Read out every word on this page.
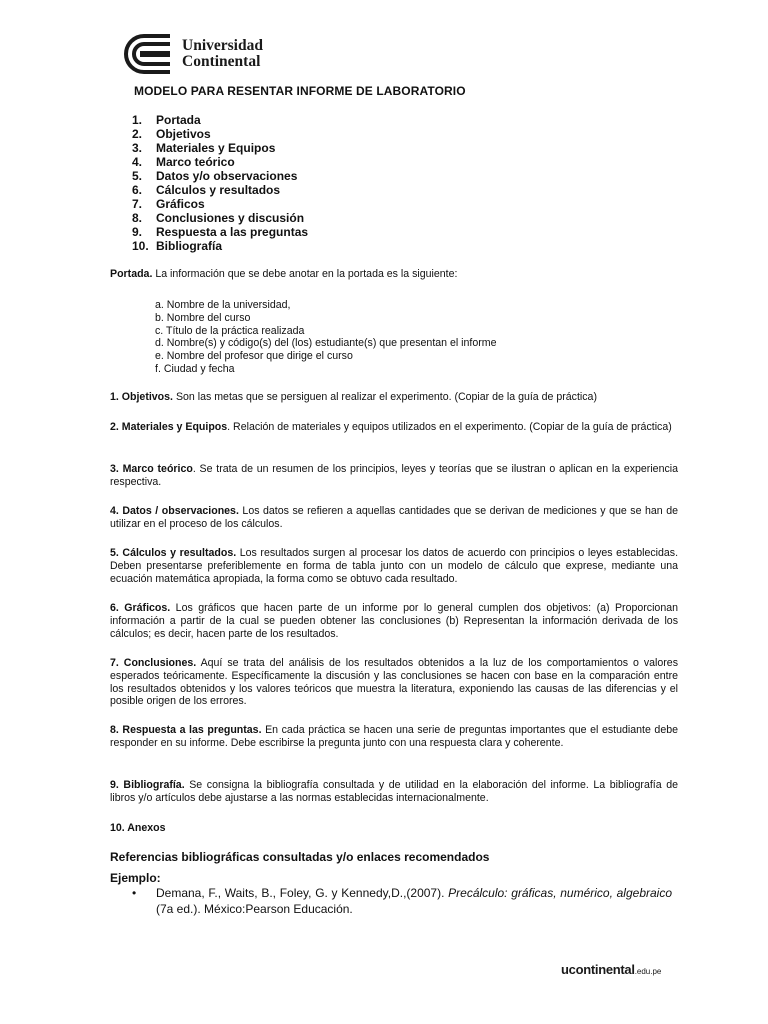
Universidad
Continental
MODELO PARA RESENTAR INFORME DE LABORATORIO
1.	Portada
2.	Objetivos
3.	Materiales y Equipos
4.	Marco teórico
5.	Datos y/o observaciones
6.	Cálculos y resultados
7.	Gráficos
8.	Conclusiones y discusión
9.	Respuesta a las preguntas
10. Bibliografía
Portada. La información que se debe anotar en la portada es la siguiente:
a. Nombre de la universidad,
b. Nombre del curso
c. Título de la práctica realizada
d. Nombre(s) y código(s) del (los) estudiante(s) que presentan el informe
e. Nombre del profesor que dirige el curso
f. Ciudad y fecha
1. Objetivos. Son las metas que se persiguen al realizar el experimento. (Copiar de la guía de práctica)
2. Materiales y Equipos. Relación de materiales y equipos utilizados en el experimento. (Copiar de la guía de práctica)
3. Marco teórico. Se trata de un resumen de los principios, leyes y teorías que se ilustran o aplican en la experiencia respectiva.
4. Datos / observaciones. Los datos se refieren a aquellas cantidades que se derivan de mediciones y que se han de utilizar en el proceso de los cálculos.
5. Cálculos y resultados. Los resultados surgen al procesar los datos de acuerdo con principios o leyes establecidas. Deben presentarse preferiblemente en forma de tabla junto con un modelo de cálculo que exprese, mediante una ecuación matemática apropiada, la forma como se obtuvo cada resultado.
6. Gráficos. Los gráficos que hacen parte de un informe por lo general cumplen dos objetivos: (a) Proporcionan información a partir de la cual se pueden obtener las conclusiones (b) Representan la información derivada de los cálculos; es decir, hacen parte de los resultados.
7. Conclusiones. Aquí se trata del análisis de los resultados obtenidos a la luz de los comportamientos o valores esperados teóricamente. Específicamente la discusión y las conclusiones se hacen con base en la comparación entre los resultados obtenidos y los valores teóricos que muestra la literatura, exponiendo las causas de las diferencias y el posible origen de los errores.
8. Respuesta a las preguntas. En cada práctica se hacen una serie de preguntas importantes que el estudiante debe responder en su informe. Debe escribirse la pregunta junto con una respuesta clara y coherente.
9. Bibliografía. Se consigna la bibliografía consultada y de utilidad en la elaboración del informe. La bibliografía de libros y/o artículos debe ajustarse a las normas establecidas internacionalmente.
10. Anexos
Referencias bibliográficas consultadas y/o enlaces recomendados
Ejemplo:
•	Demana, F., Waits, B., Foley, G. y Kennedy,D.,(2007). Precálculo: gráficas, numérico, algebraico (7a ed.). México:Pearson Educación.
ucontinental.edu.pe
